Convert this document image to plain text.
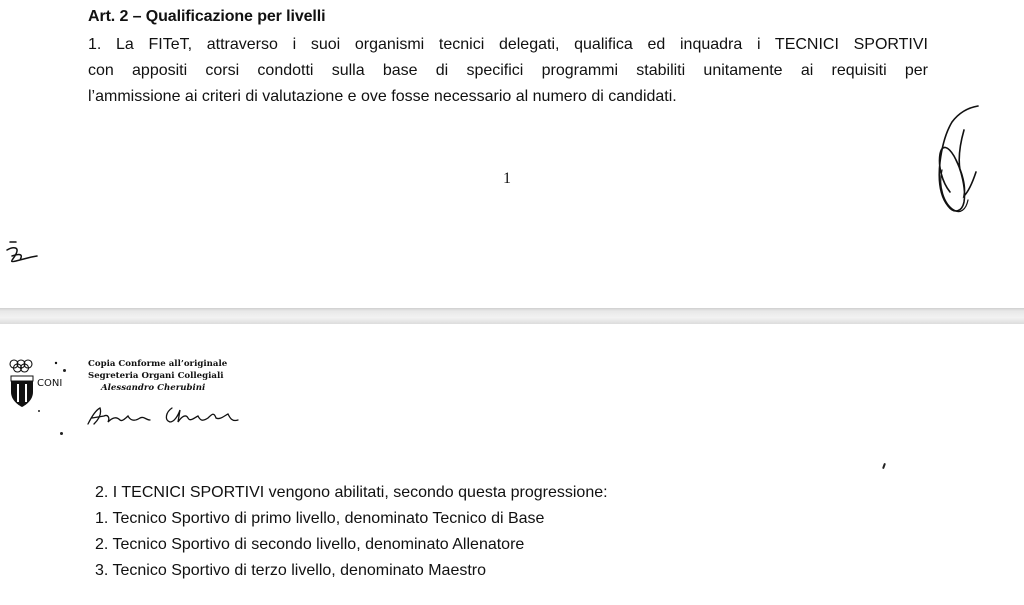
Art. 2 – Qualificazione per livelli
1. La FITeT, attraverso i suoi organismi tecnici delegati, qualifica ed inquadra i TECNICI SPORTIVI
con appositi corsi condotti sulla base di specifici programmi stabiliti unitamente ai requisiti per
l’ammissione ai criteri di valutazione e ove fosse necessario al numero di candidati.
1
CONI
Copia Conforme all’originale
Segreteria Organi Collegiali
Alessandro Cherubini
2. I TECNICI SPORTIVI vengono abilitati, secondo questa progressione:
1. Tecnico Sportivo di primo livello, denominato Tecnico di Base
2. Tecnico Sportivo di secondo livello, denominato Allenatore
3. Tecnico Sportivo di terzo livello, denominato Maestro
